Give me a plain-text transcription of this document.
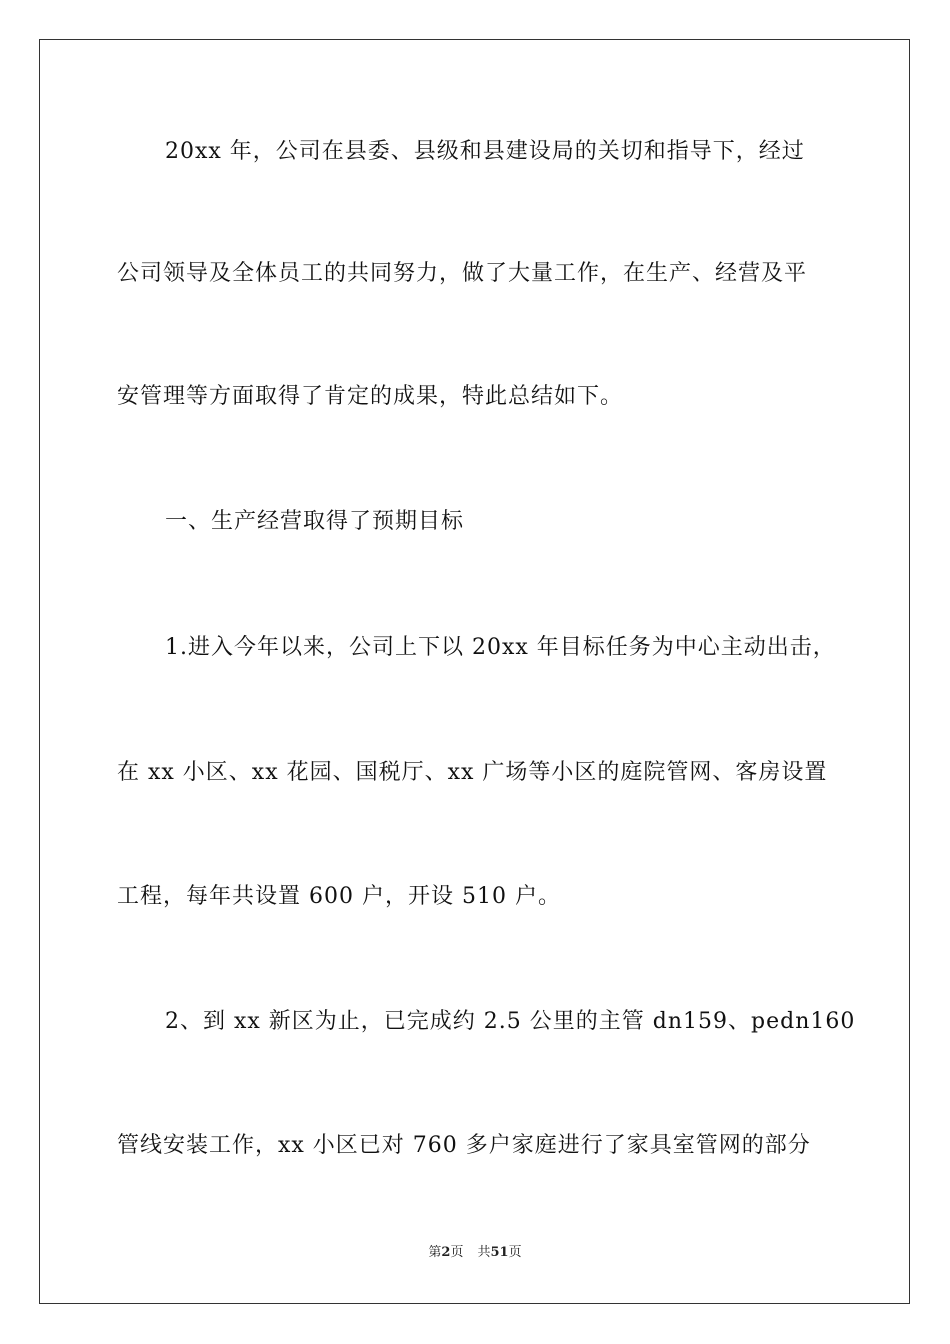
20xx 年，公司在县委、县级和县建设局的关切和指导下，经过
公司领导及全体员工的共同努力，做了大量工作，在生产、经营及平
安管理等方面取得了肯定的成果，特此总结如下。
一、生产经营取得了预期目标
1.进入今年以来，公司上下以 20xx 年目标任务为中心主动出击，
在 xx 小区、xx 花园、国税厅、xx 广场等小区的庭院管网、客房设置
工程，每年共设置 600 户，开设 510 户。
2、到 xx 新区为止，已完成约 2.5 公里的主管 dn159、pedn160
管线安装工作，xx 小区已对 760 多户家庭进行了家具室管网的部分
第2页 共51页
